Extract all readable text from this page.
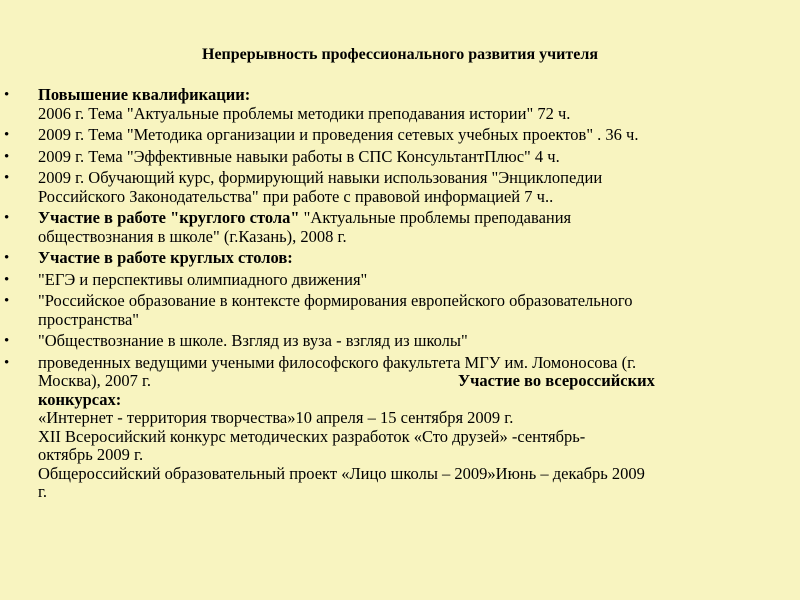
Непрерывность профессионального развития учителя
• Повышение квалификации:
2006 г. Тема "Актуальные проблемы методики преподавания истории" 72 ч.
• 2009 г. Тема "Методика организации и проведения сетевых учебных проектов" . 36 ч.
• 2009 г. Тема "Эффективные навыки работы в СПС КонсультантПлюс" 4 ч.
• 2009 г. Обучающий курс, формирующий навыки использования "Энциклопедии
Российского Законодательства" при работе с правовой информацией 7 ч..
• Участие в работе "круглого стола" "Актуальные проблемы преподавания
обществознания в школе" (г.Казань), 2008 г.
• Участие в работе круглых столов:
• "ЕГЭ и перспективы олимпиадного движения"
• "Российское образование в контексте формирования европейского образовательного
пространства"
• "Обществознание в школе. Взгляд из вуза - взгляд из школы"
• проведенных ведущими учеными философского факультета МГУ им. Ломоносова (г.
Москва), 2007 г.	Участие во всероссийских
конкурсах:
«Интернет - территория творчества»10 апреля – 15 сентября 2009 г.
XII Всеросийский конкурс методических разработок «Сто друзей» -сентябрь-
октябрь 2009 г.
Общероссийский образовательный проект «Лицо школы – 2009»Июнь – декабрь 2009
г.
